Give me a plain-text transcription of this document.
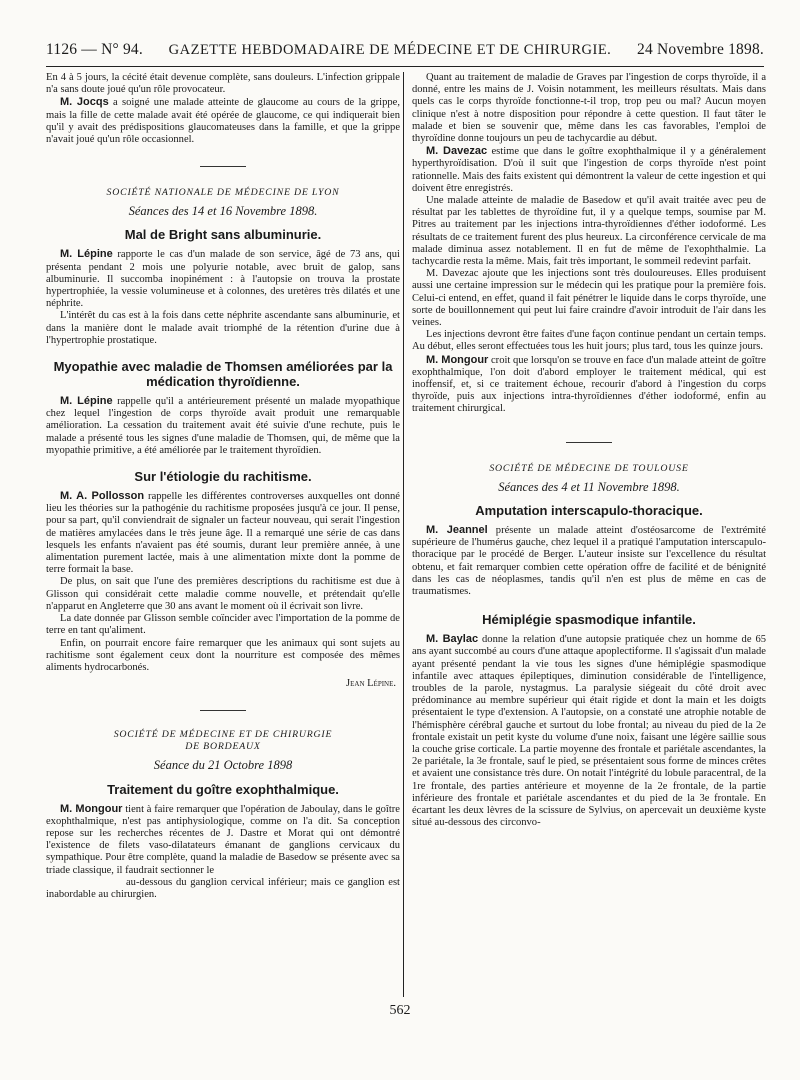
1126 — N° 94. GAZETTE HEBDOMADAIRE DE MÉDECINE ET DE CHIRURGIE. 24 Novembre 1898.

En 4 à 5 jours, la cécité était devenue complète, sans douleurs. L'infection grippale n'a sans doute joué qu'un rôle provocateur.

M. Jocqs a soigné une malade atteinte de glaucome au cours de la grippe, mais la fille de cette malade avait été opérée de glaucome, ce qui indiquerait bien qu'il y avait des prédispositions glaucomateuses dans la famille, et que la grippe n'avait joué qu'un rôle occasionnel.

SOCIÉTÉ NATIONALE DE MÉDECINE DE LYON
Séances des 14 et 16 Novembre 1898.
Mal de Bright sans albuminurie.

M. Lépine rapporte le cas d'un malade de son service, âgé de 73 ans, qui présenta pendant 2 mois une polyurie notable, avec bruit de galop, sans albuminurie. Il succomba inopinément : à l'autopsie on trouva la prostate hypertrophiée, la vessie volumineuse et à colonnes, des uretères très dilatés et une néphrite.

L'intérêt du cas est à la fois dans cette néphrite ascendante sans albuminurie, et dans la manière dont le malade avait triomphé de la rétention d'urine due à l'hypertrophie prostatique.

Myopathie avec maladie de Thomsen améliorées par la médication thyroïdienne.

M. Lépine rappelle qu'il a antérieurement présenté un malade myopathique chez lequel l'ingestion de corps thyroïde avait produit une remarquable amélioration. La cessation du traitement avait été suivie d'une rechute, puis le malade a présenté tous les signes d'une maladie de Thomsen, qui, de même que la myopathie primitive, a été améliorée par le traitement thyroïdien.

Sur l'étiologie du rachitisme.

M. A. Pollosson rappelle les différentes controverses auxquelles ont donné lieu les théories sur la pathogénie du rachitisme proposées jusqu'à ce jour. Il pense, pour sa part, qu'il conviendrait de signaler un facteur nouveau, qui serait l'ingestion de matières amylacées dans le très jeune âge. Il a remarqué une série de cas dans lesquels les enfants n'avaient pas été soumis, durant leur première année, à une alimentation purement lactée, mais à une alimentation mixte dont la pomme de terre formait la base.

De plus, on sait que l'une des premières descriptions du rachitisme est due à Glisson qui considérait cette maladie comme nouvelle, et prétendait qu'elle n'apparut en Angleterre que 30 ans avant le moment où il écrivait son livre.

La date donnée par Glisson semble coïncider avec l'importation de la pomme de terre en tant qu'aliment.

Enfin, on pourrait encore faire remarquer que les animaux qui sont sujets au rachitisme sont également ceux dont la nourriture est composée des mêmes aliments hydrocarbonés.

Jean Lépine.
SOCIÉTÉ DE MÉDECINE ET DE CHIRURGIE
DE BORDEAUX
Séance du 21 Octobre 1898
Traitement du goître exophthalmique.

M. Mongour tient à faire remarquer que l'opération de Jaboulay, dans le goître exophthalmique, n'est pas antiphysiologique, comme on l'a dit. Sa conception repose sur les recherches récentes de J. Dastre et Morat qui ont démontré l'existence de filets vaso-dilatateurs émanant de ganglions cervicaux du sympathique. Pour être complète, quand la maladie de Basedow se présente avec sa triade classique, il faudrait sectionner le

au-dessous du ganglion cervical inférieur; mais ce ganglion est inabordable au chirurgien.

Quant au traitement de maladie de Graves par l'ingestion de corps thyroïde, il a donné, entre les mains de J. Voisin notamment, les meilleurs résultats. Mais dans quels cas le corps thyroïde fonctionne-t-il trop, trop peu ou mal? Aucun moyen clinique n'est à notre disposition pour répondre à cette question. Il faut tâter le malade et bien se souvenir que, même dans les cas favorables, l'emploi de thyroïdine donne toujours un peu de tachycardie au début.

M. Davezac estime que dans le goître exophthalmique il y a généralement hyperthyroïdisation. D'où il suit que l'ingestion de corps thyroïde n'est point rationnelle. Mais des faits existent qui démontrent la valeur de cette ingestion et qui doivent être enregistrés.

Une malade atteinte de maladie de Basedow et qu'il avait traitée avec peu de résultat par les tablettes de thyroïdine fut, il y a quelque temps, soumise par M. Pitres au traitement par les injections intra-thyroïdiennes d'éther iodoformé. Les résultats de ce traitement furent des plus heureux. La circonférence cervicale de ma malade diminua assez notablement. Il en fut de même de l'exophthalmie. La tachycardie resta la même. Mais, fait très important, le sommeil redevint parfait.

M. Davezac ajoute que les injections sont très douloureuses. Elles produisent aussi une certaine impression sur le médecin qui les pratique pour la première fois. Celui-ci entend, en effet, quand il fait pénétrer le liquide dans le corps thyroïde, une sorte de bouillonnement qui peut lui faire craindre d'avoir introduit de l'air dans les veines.

Les injections devront être faites d'une façon continue pendant un certain temps. Au début, elles seront effectuées tous les huit jours; plus tard, tous les quinze jours.

M. Mongour croit que lorsqu'on se trouve en face d'un malade atteint de goître exophthalmique, l'on doit d'abord employer le traitement médical, qui est inoffensif, et, si ce traitement échoue, recourir d'abord à l'ingestion du corps thyroïde, puis aux injections intra-thyroïdiennes d'éther iodoformé, enfin au traitement chirurgical.

SOCIÉTÉ DE MÉDECINE DE TOULOUSE
Séances des 4 et 11 Novembre 1898.
Amputation interscapulo-thoracique.

M. Jeannel présente un malade atteint d'ostéosarcome de l'extrémité supérieure de l'humérus gauche, chez lequel il a pratiqué l'amputation interscapulo-thoracique par le procédé de Berger. L'auteur insiste sur l'excellence du résultat obtenu, et fait remarquer combien cette opération offre de facilité et de bénignité dans les cas de néoplasmes, tandis qu'il n'en est plus de même en cas de traumatismes.

Hémiplégie spasmodique infantile.

M. Baylac donne la relation d'une autopsie pratiquée chez un homme de 65 ans ayant succombé au cours d'une attaque apoplectiforme. Il s'agissait d'un malade ayant présenté pendant la vie tous les signes d'une hémiplégie spasmodique infantile avec attaques épileptiques, diminution considérable de l'intelligence, troubles de la parole, nystagmus. La paralysie siégeait du côté droit avec prédominance au membre supérieur qui était rigide et dont la main et les doigts présentaient le type d'extension. A l'autopsie, on a constaté une atrophie notable de l'hémisphère cérébral gauche et surtout du lobe frontal; au niveau du pied de la 2e frontale existait un petit kyste du volume d'une noix, faisant une légère saillie sous la couche grise corticale. La partie moyenne des frontale et pariétale ascendantes, la 2e pariétale, la 3e frontale, sauf le pied, se présentaient sous forme de minces crêtes et avaient une consistance très dure. On notait l'intégrité du lobule paracentral, de la 1re frontale, des parties antérieure et moyenne de la 2e frontale, de la partie inférieure des frontale et pariétale ascendantes et du pied de la 3e frontale. En écartant les deux lèvres de la scissure de Sylvius, on apercevait un deuxième kyste situé au-dessous des circonvo-

562
